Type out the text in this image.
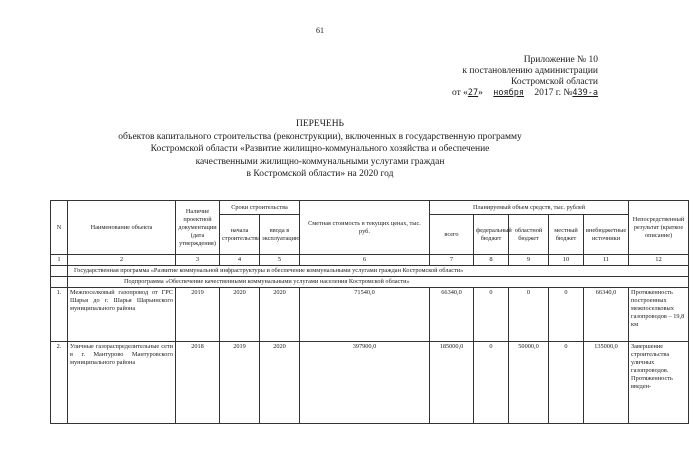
61
Приложение № 10
к постановлению администрации
Костромской области
от «27» ноября 2017 г. №439-а
ПЕРЕЧЕНЬ
объектов капитального строительства (реконструкции), включенных в государственную программу
Костромской области «Развитие жилищно-коммунального хозяйства и обеспечение
качественными жилищно-коммунальными услугами граждан
в Костромской области» на 2020 год
N	Наименование объекта	Наличие проектной документации (дата утверждения)	Сроки строительства		Сметная стоимость в текущих ценах, тыс. руб.	Планируемый объем средств, тыс. рублей					Непосредственный результат (краткое описание)
			начала строительства	ввода в эксплуатацию		всего	федеральный бюджет	областной бюджет	местный бюджет	внебюджетные источники	
1	2	3	4	5	6	7	8	9	10	11	12
	Государственная программа «Развитие коммунальной инфраструктуры и обеспечение коммунальными услугами граждан Костромской области»										
	Подпрограмма «Обеспечение качественными коммунальными услугами населения Костромской области»										
1.	Межпоселковый газопровод от ГРС Шарья до г. Шарья Шарьинского муниципального района	2019	2020	2020	71540,0	66340,0	0	0	0	66340,0	Протяженность построенных межпоселковых газопроводов – 19,8 км
2.	Уличные газораспределительные сети в г. Мантурово Мантуровского муниципального района	2018	2019	2020	397900,0	185000,0	0	50000,0	0	135000,0	Завершение строительства уличных газопроводов. Протяженность введен-
